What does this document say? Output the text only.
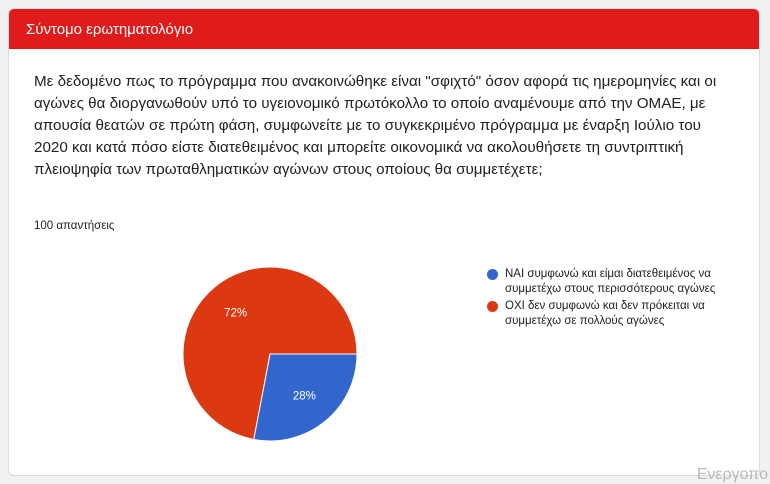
Σύντομο ερωτηματολόγιο
Με δεδομένο πως το πρόγραμμα που ανακοινώθηκε είναι "σφιχτό" όσον αφορά τις ημερομηνίες και οι αγώνες θα διοργανωθούν υπό το υγειονομικό πρωτόκολλο το οποίο αναμένουμε από την ΟΜΑΕ, με απουσία θεατών σε πρώτη φάση, συμφωνείτε με το συγκεκριμένο πρόγραμμα με έναρξη Ιούλιο του 2020 και κατά πόσο είστε διατεθειμένος και μπορείτε οικονομικά να ακολουθήσετε τη συντριπτική πλειοψηφία των πρωταθληματικών αγώνων στους οποίους θα συμμετέχετε;
100 απαντήσεις
28%
72%
ΝΑΙ συμφωνώ και είμαι διατεθειμένος να συμμετέχω στους περισσότερους αγώνες
ΟΧΙ δεν συμφωνώ και δεν πρόκειται να συμμετέχω σε πολλούς αγώνες
Ενεργοπο
